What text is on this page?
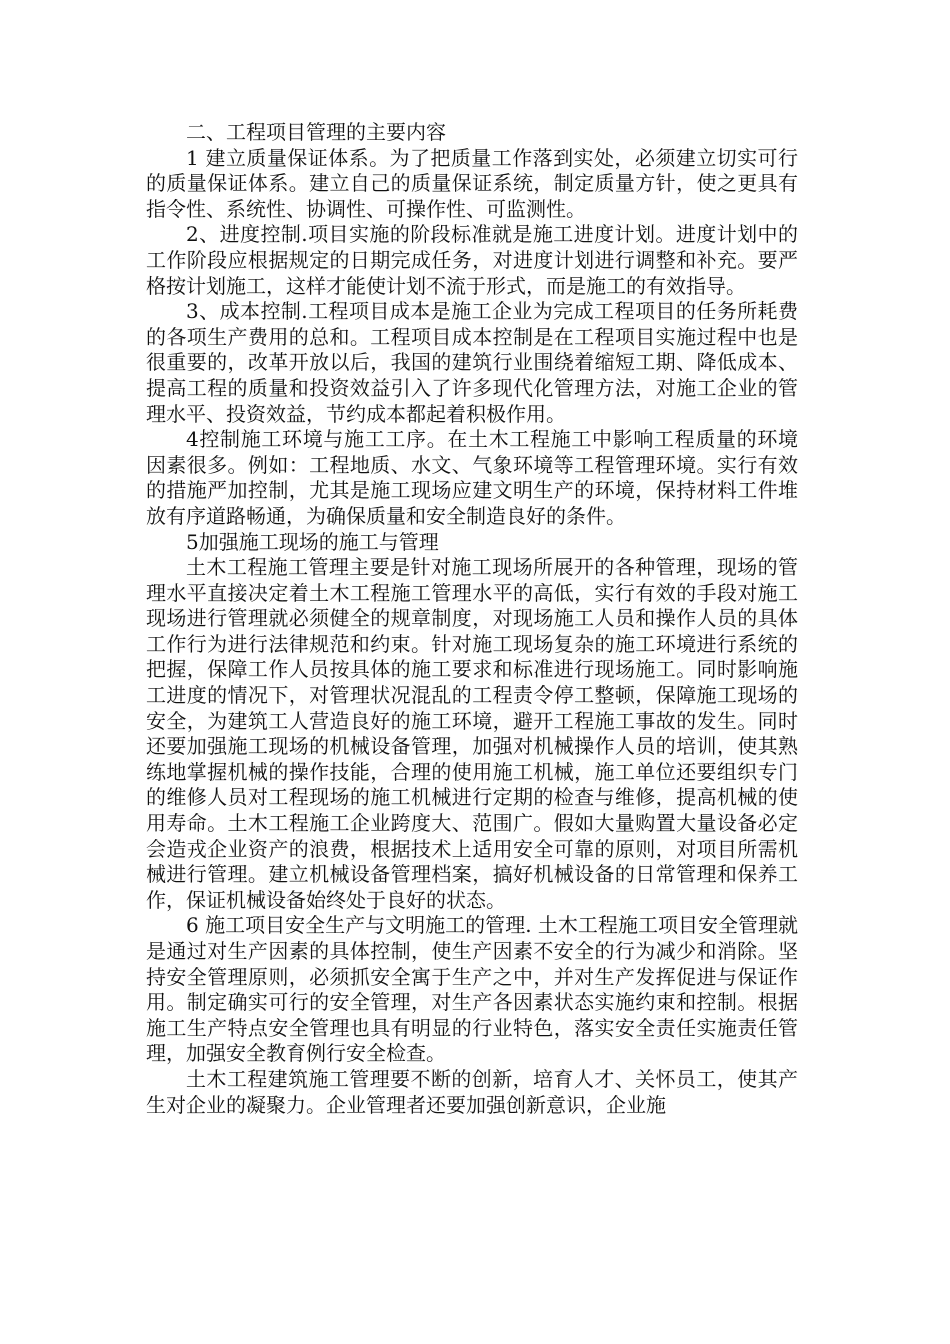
二、工程项目管理的主要内容

1 建立质量保证体系。为了把质量工作落到实处，必须建立切实可行的质量保证体系。建立自己的质量保证系统，制定质量方针，使之更具有指令性、系统性、协调性、可操作性、可监测性。

2、进度控制.项目实施的阶段标准就是施工进度计划。进度计划中的工作阶段应根据规定的日期完成任务，对进度计划进行调整和补充。要严格按计划施工，这样才能使计划不流于形式，而是施工的有效指导。

3、成本控制.工程项目成本是施工企业为完成工程项目的任务所耗费的各项生产费用的总和。工程项目成本控制是在工程项目实施过程中也是很重要的，改革开放以后，我国的建筑行业围绕着缩短工期、降低成本、提高工程的质量和投资效益引入了许多现代化管理方法，对施工企业的管理水平、投资效益，节约成本都起着积极作用。

4控制施工环境与施工工序。在土木工程施工中影响工程质量的环境因素很多。例如：工程地质、水文、气象环境等工程管理环境。实行有效的措施严加控制，尤其是施工现场应建文明生产的环境，保持材料工件堆放有序道路畅通，为确保质量和安全制造良好的条件。

5加强施工现场的施工与管理

土木工程施工管理主要是针对施工现场所展开的各种管理，现场的管理水平直接决定着土木工程施工管理水平的高低，实行有效的手段对施工现场进行管理就必须健全的规章制度，对现场施工人员和操作人员的具体工作行为进行法律规范和约束。针对施工现场复杂的施工环境进行系统的把握，保障工作人员按具体的施工要求和标准进行现场施工。同时影响施工进度的情况下，对管理状况混乱的工程责令停工整顿，保障施工现场的安全，为建筑工人营造良好的施工环境，避开工程施工事故的发生。同时还要加强施工现场的机械设备管理，加强对机械操作人员的培训，使其熟练地掌握机械的操作技能，合理的使用施工机械，施工单位还要组织专门的维修人员对工程现场的施工机械进行定期的检查与维修，提高机械的使用寿命。土木工程施工企业跨度大、范围广。假如大量购置大量设备必定会造戎企业资产的浪费，根据技术上适用安全可靠的原则，对项目所需机械进行管理。建立机械设备管理档案，搞好机械设备的日常管理和保养工作，保证机械设备始终处于良好的状态。

6 施工项目安全生产与文明施工的管理. 土木工程施工项目安全管理就是通过对生产因素的具体控制，使生产因素不安全的行为减少和消除。坚持安全管理原则，必须抓安全寓于生产之中，并对生产发挥促进与保证作用。制定确实可行的安全管理，对生产各因素状态实施约束和控制。根据施工生产特点安全管理也具有明显的行业特色，落实安全责任实施责任管理，加强安全教育例行安全检查。

土木工程建筑施工管理要不断的创新，培育人才、关怀员工，使其产生对企业的凝聚力。企业管理者还要加强创新意识，企业施
